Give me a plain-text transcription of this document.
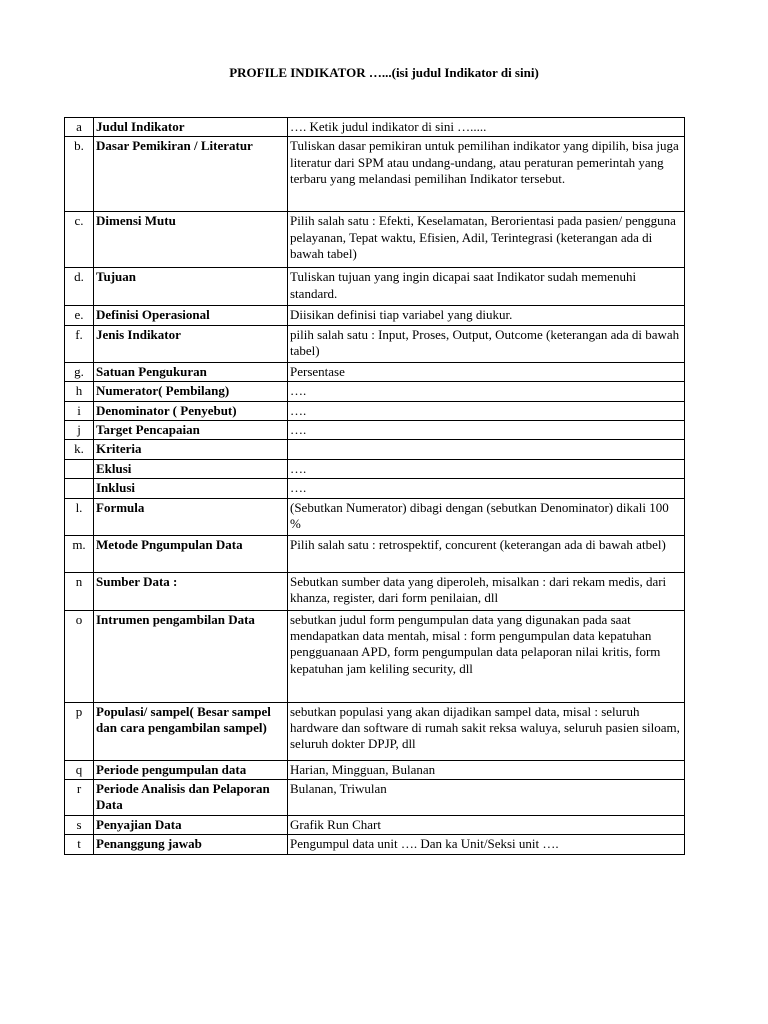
PROFILE INDIKATOR …...(isi judul Indikator di sini)
a	Judul Indikator	…. Ketik judul indikator di sini ….....
b.	Dasar Pemikiran / Literatur	Tuliskan dasar pemikiran untuk pemilihan indikator yang dipilih, bisa juga literatur dari SPM atau undang-undang, atau peraturan pemerintah yang terbaru yang melandasi pemilihan Indikator tersebut.
c.	Dimensi Mutu	Pilih salah satu : Efekti, Keselamatan, Berorientasi pada pasien/ pengguna pelayanan, Tepat waktu, Efisien, Adil, Terintegrasi (keterangan ada di bawah tabel)
d.	Tujuan	Tuliskan tujuan yang ingin dicapai saat Indikator sudah memenuhi standard.
e.	Definisi Operasional	Diisikan definisi tiap variabel yang diukur.
f.	Jenis Indikator	pilih salah satu : Input, Proses, Output, Outcome (keterangan ada di bawah tabel)
g.	Satuan Pengukuran	Persentase
h	Numerator( Pembilang)	….
i	Denominator ( Penyebut)	….
j	Target Pencapaian	….
k.	Kriteria	
	Eklusi	….
	Inklusi	….
l.	Formula	(Sebutkan Numerator) dibagi dengan (sebutkan Denominator) dikali 100 %
m.	Metode Pngumpulan Data	Pilih salah satu : retrospektif, concurent (keterangan ada di bawah atbel)
n	Sumber Data :	Sebutkan sumber data yang diperoleh, misalkan : dari rekam medis, dari khanza, register, dari form penilaian, dll
o	Intrumen pengambilan Data	sebutkan judul form pengumpulan data yang digunakan pada saat mendapatkan data mentah, misal : form pengumpulan data kepatuhan pengguanaan APD, form pengumpulan data pelaporan nilai kritis, form kepatuhan jam keliling security, dll
p	Populasi/ sampel( Besar sampel dan cara pengambilan sampel)	sebutkan populasi yang akan dijadikan sampel data, misal : seluruh hardware dan software di rumah sakit reksa waluya, seluruh pasien siloam, seluruh dokter DPJP, dll
q	Periode pengumpulan data	Harian, Mingguan, Bulanan
r	Periode Analisis dan Pelaporan Data	Bulanan, Triwulan
s	Penyajian Data	Grafik Run Chart
t	Penanggung jawab	Pengumpul data unit …. Dan ka Unit/Seksi unit ….
